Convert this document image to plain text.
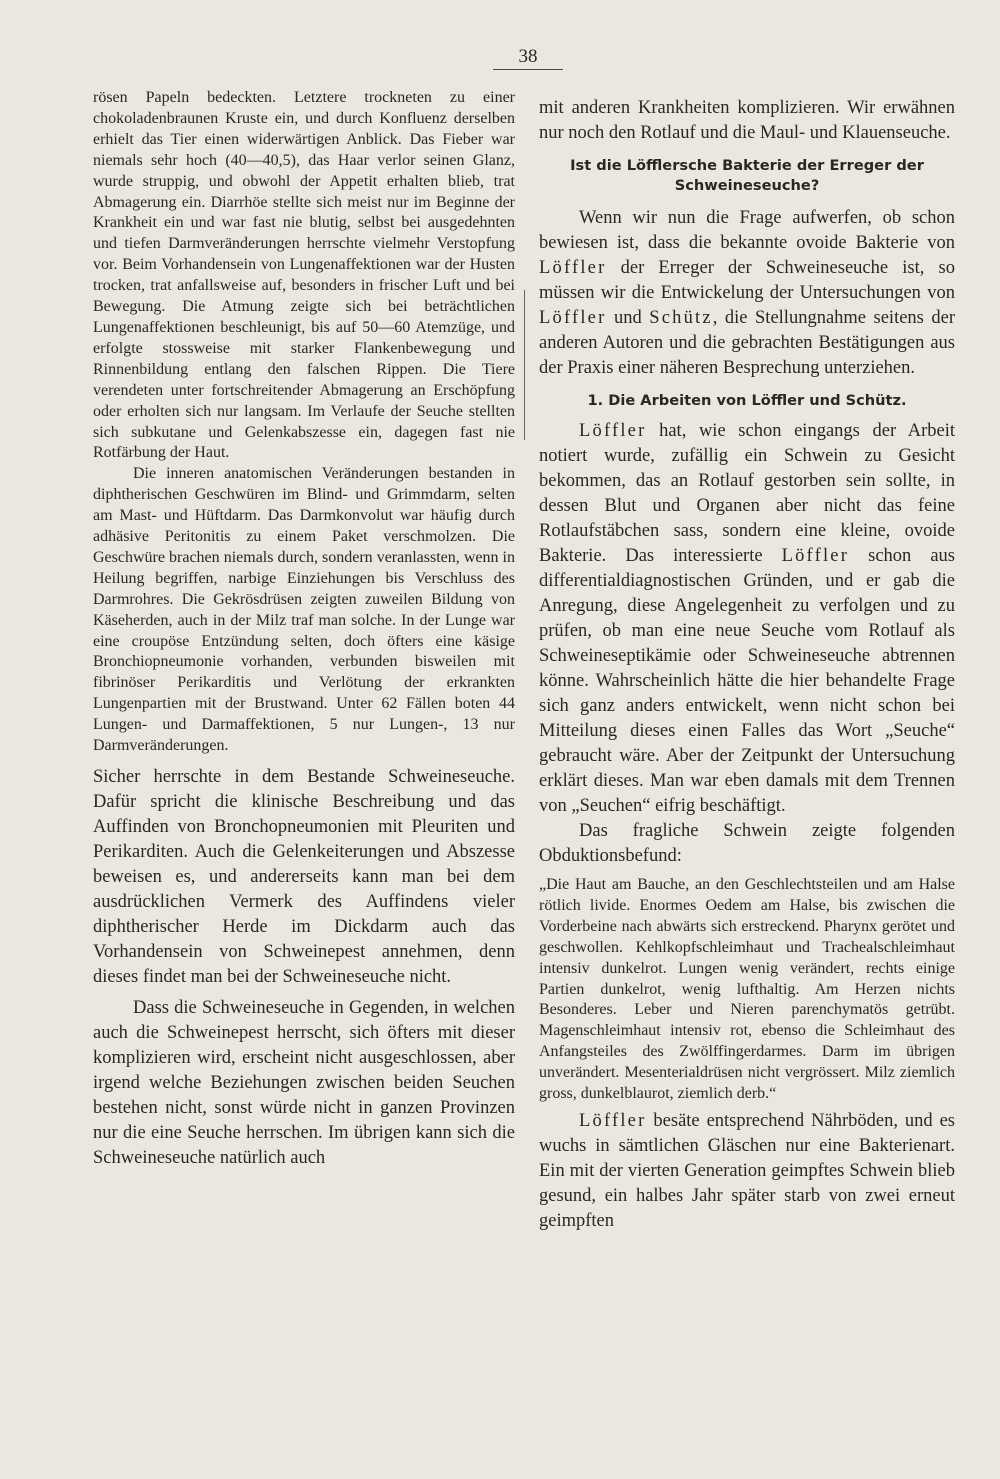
38

rösen Papeln bedeckten. Letztere trockneten zu einer chokoladenbraunen Kruste ein, und durch Konfluenz derselben erhielt das Tier einen widerwärtigen Anblick. Das Fieber war niemals sehr hoch (40—40,5), das Haar verlor seinen Glanz, wurde struppig, und obwohl der Appetit erhalten blieb, trat Abmagerung ein. Diarrhöe stellte sich meist nur im Beginne der Krankheit ein und war fast nie blutig, selbst bei ausgedehnten und tiefen Darmveränderungen herrschte vielmehr Verstopfung vor. Beim Vorhandensein von Lungenaffektionen war der Husten trocken, trat anfallsweise auf, besonders in frischer Luft und bei Bewegung. Die Atmung zeigte sich bei beträchtlichen Lungenaffektionen beschleunigt, bis auf 50—60 Atemzüge, und erfolgte stossweise mit starker Flankenbewegung und Rinnenbildung entlang den falschen Rippen. Die Tiere verendeten unter fortschreitender Abmagerung an Erschöpfung oder erholten sich nur langsam. Im Verlaufe der Seuche stellten sich subkutane und Gelenkabszesse ein, dagegen fast nie Rotfärbung der Haut.

Die inneren anatomischen Veränderungen bestanden in diphtherischen Geschwüren im Blind- und Grimmdarm, selten am Mast- und Hüftdarm. Das Darmkonvolut war häufig durch adhäsive Peritonitis zu einem Paket verschmolzen. Die Geschwüre brachen niemals durch, sondern veranlassten, wenn in Heilung begriffen, narbige Einziehungen bis Verschluss des Darmrohres. Die Gekrösdrüsen zeigten zuweilen Bildung von Käseherden, auch in der Milz traf man solche. In der Lunge war eine croupöse Entzündung selten, doch öfters eine käsige Bronchiopneumonie vorhanden, verbunden bisweilen mit fibrinöser Perikarditis und Verlötung der erkrankten Lungenpartien mit der Brustwand. Unter 62 Fällen boten 44 Lungen- und Darmaffektionen, 5 nur Lungen-, 13 nur Darmveränderungen.

Sicher herrschte in dem Bestande Schweineseuche. Dafür spricht die klinische Beschreibung und das Auffinden von Bronchopneumonien mit Pleuriten und Perikarditen. Auch die Gelenkeiterungen und Abszesse beweisen es, und andererseits kann man bei dem ausdrücklichen Vermerk des Auffindens vieler diphtherischer Herde im Dickdarm auch das Vorhandensein von Schweinepest annehmen, denn dieses findet man bei der Schweineseuche nicht.

Dass die Schweineseuche in Gegenden, in welchen auch die Schweinepest herrscht, sich öfters mit dieser komplizieren wird, erscheint nicht ausgeschlossen, aber irgend welche Beziehungen zwischen beiden Seuchen bestehen nicht, sonst würde nicht in ganzen Provinzen nur die eine Seuche herrschen. Im übrigen kann sich die Schweineseuche natürlich auch

mit anderen Krankheiten komplizieren. Wir erwähnen nur noch den Rotlauf und die Maul- und Klauenseuche.

Ist die Löfflersche Bakterie der Erreger der Schweineseuche?

Wenn wir nun die Frage aufwerfen, ob schon bewiesen ist, dass die bekannte ovoide Bakterie von Löffler der Erreger der Schweineseuche ist, so müssen wir die Entwickelung der Untersuchungen von Löffler und Schütz, die Stellungnahme seitens der anderen Autoren und die gebrachten Bestätigungen aus der Praxis einer näheren Besprechung unterziehen.

1. Die Arbeiten von Löffler und Schütz.

Löffler hat, wie schon eingangs der Arbeit notiert wurde, zufällig ein Schwein zu Gesicht bekommen, das an Rotlauf gestorben sein sollte, in dessen Blut und Organen aber nicht das feine Rotlaufstäbchen sass, sondern eine kleine, ovoide Bakterie. Das interessierte Löffler schon aus differentialdiagnostischen Gründen, und er gab die Anregung, diese Angelegenheit zu verfolgen und zu prüfen, ob man eine neue Seuche vom Rotlauf als Schweineseptikämie oder Schweineseuche abtrennen könne. Wahrscheinlich hätte die hier behandelte Frage sich ganz anders entwickelt, wenn nicht schon bei Mitteilung dieses einen Falles das Wort „Seuche“ gebraucht wäre. Aber der Zeitpunkt der Untersuchung erklärt dieses. Man war eben damals mit dem Trennen von „Seuchen“ eifrig beschäftigt.

Das fragliche Schwein zeigte folgenden Obduktionsbefund:

„Die Haut am Bauche, an den Geschlechtsteilen und am Halse rötlich livide. Enormes Oedem am Halse, bis zwischen die Vorderbeine nach abwärts sich erstreckend. Pharynx gerötet und geschwollen. Kehlkopfschleimhaut und Trachealschleimhaut intensiv dunkelrot. Lungen wenig verändert, rechts einige Partien dunkelrot, wenig lufthaltig. Am Herzen nichts Besonderes. Leber und Nieren parenchymatös getrübt. Magenschleimhaut intensiv rot, ebenso die Schleimhaut des Anfangsteiles des Zwölffingerdarmes. Darm im übrigen unverändert. Mesenterialdrüsen nicht vergrössert. Milz ziemlich gross, dunkelblaurot, ziemlich derb.“

Löffler besäte entsprechend Nährböden, und es wuchs in sämtlichen Gläschen nur eine Bakterienart. Ein mit der vierten Generation geimpftes Schwein blieb gesund, ein halbes Jahr später starb von zwei erneut geimpften
